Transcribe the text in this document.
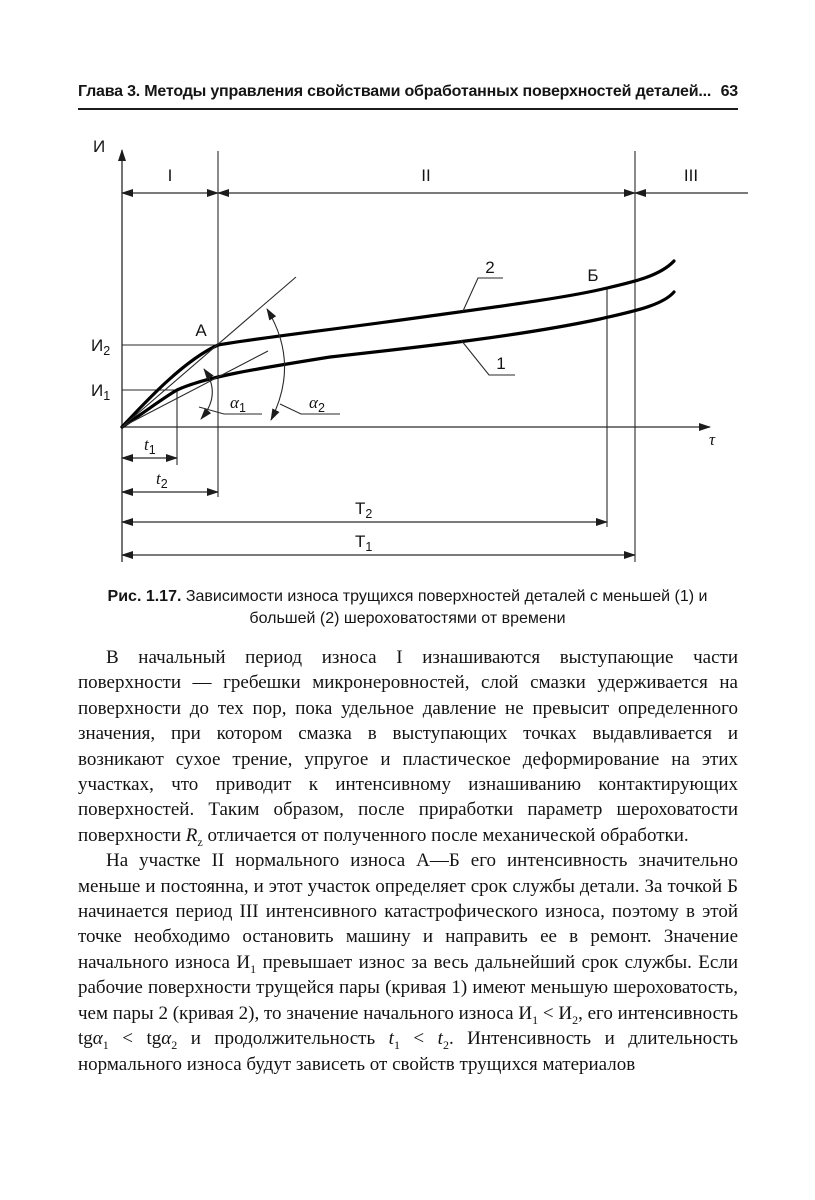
Глава 3. Методы управления свойствами обработанных поверхностей деталей... 63
И
τ
I	II	III
$\alpha_1$	$\alpha_2$
2
1
А
Б
$И_2$
$И_1$
$t_1$
$t_2$
$Т_2$
$Т_1$
Рис. 1.17. Зависимости износа трущихся поверхностей деталей с меньшей (1) и большей (2) шероховатостями от времени

В начальный период износа I изнашиваются выступающие части поверхности — гребешки микронеровностей, слой смазки удерживается на поверхности до тех пор, пока удельное давление не превысит определенного значения, при котором смазка в выступающих точках выдавливается и возникают сухое трение, упругое и пластическое деформирование на этих участках, что приводит к интенсивному изнашиванию контактирующих поверхностей. Таким образом, после приработки параметр шероховатости поверхности $R_z$ отличается от полученного после механической обработки.

На участке II нормального износа А—Б его интенсивность значительно меньше и постоянна, и этот участок определяет срок службы детали. За точкой Б начинается период III интенсивного катастрофического износа, поэтому в этой точке необходимо остановить машину и направить ее в ремонт. Значение начального износа $И_1$ превышает износ за весь дальнейший срок службы. Если рабочие поверхности трущейся пары (кривая 1) имеют меньшую шероховатость, чем пары 2 (кривая 2), то значение начального износа $И_1 < И_2$, его интенсивность tgα$_1$ < tgα$_2$ и продолжительность $t_1 < t_2$. Интенсивность и длительность нормального износа будут зависеть от свойств трущихся материалов
